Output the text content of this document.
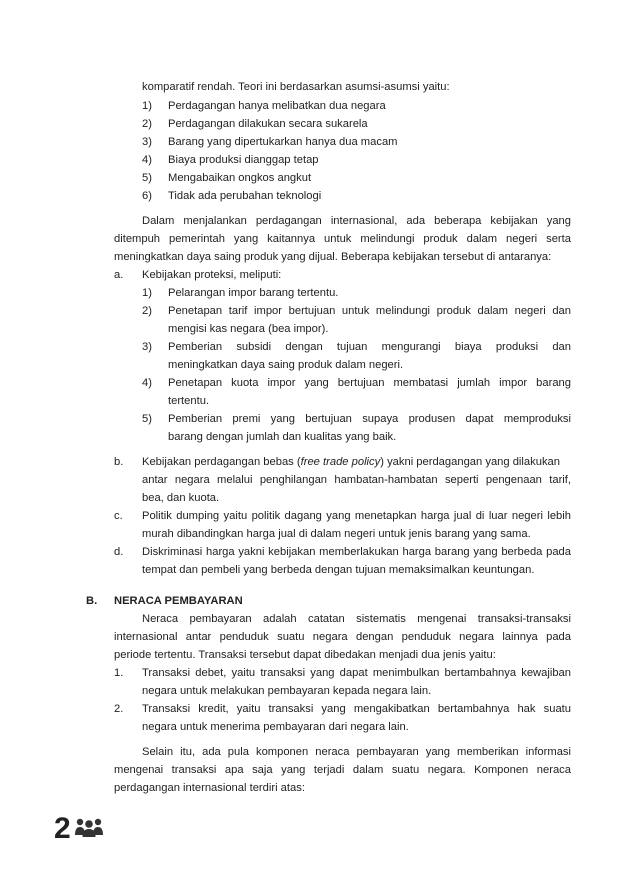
komparatif rendah. Teori ini berdasarkan asumsi-asumsi yaitu:
1) Perdagangan hanya melibatkan dua negara
2) Perdagangan dilakukan secara sukarela
3) Barang yang dipertukarkan hanya dua macam
4) Biaya produksi dianggap tetap
5) Mengabaikan ongkos angkut
6) Tidak ada perubahan teknologi
Dalam menjalankan perdagangan internasional, ada beberapa kebijakan yang
ditempuh pemerintah yang kaitannya untuk melindungi produk dalam negeri serta
meningkatkan daya saing produk yang dijual. Beberapa kebijakan tersebut di antaranya:
a. Kebijakan proteksi, meliputi:
1) Pelarangan impor barang tertentu.
2) Penetapan tarif impor bertujuan untuk melindungi produk dalam negeri dan
mengisi kas negara (bea impor).
3) Pemberian subsidi dengan tujuan mengurangi biaya produksi dan
meningkatkan daya saing produk dalam negeri.
4) Penetapan kuota impor yang bertujuan membatasi jumlah impor barang
tertentu.
5) Pemberian premi yang bertujuan supaya produsen dapat memproduksi
barang dengan jumlah dan kualitas yang baik.
b. Kebijakan perdagangan bebas (free trade policy) yakni perdagangan yang dilakukan
antar negara melalui penghilangan hambatan-hambatan seperti pengenaan tarif,
bea, dan kuota.
c. Politik dumping yaitu politik dagang yang menetapkan harga jual di luar negeri lebih
murah dibandingkan harga jual di dalam negeri untuk jenis barang yang sama.
d. Diskriminasi harga yakni kebijakan memberlakukan harga barang yang berbeda pada
tempat dan pembeli yang berbeda dengan tujuan memaksimalkan keuntungan.
B. NERACA PEMBAYARAN
Neraca pembayaran adalah catatan sistematis mengenai transaksi-transaksi
internasional antar penduduk suatu negara dengan penduduk negara lainnya pada
periode tertentu. Transaksi tersebut dapat dibedakan menjadi dua jenis yaitu:
1. Transaksi debet, yaitu transaksi yang dapat menimbulkan bertambahnya kewajiban
negara untuk melakukan pembayaran kepada negara lain.
2. Transaksi kredit, yaitu transaksi yang mengakibatkan bertambahnya hak suatu
negara untuk menerima pembayaran dari negara lain.
Selain itu, ada pula komponen neraca pembayaran yang memberikan informasi
mengenai transaksi apa saja yang terjadi dalam suatu negara. Komponen neraca
perdagangan internasional terdiri atas:
2
